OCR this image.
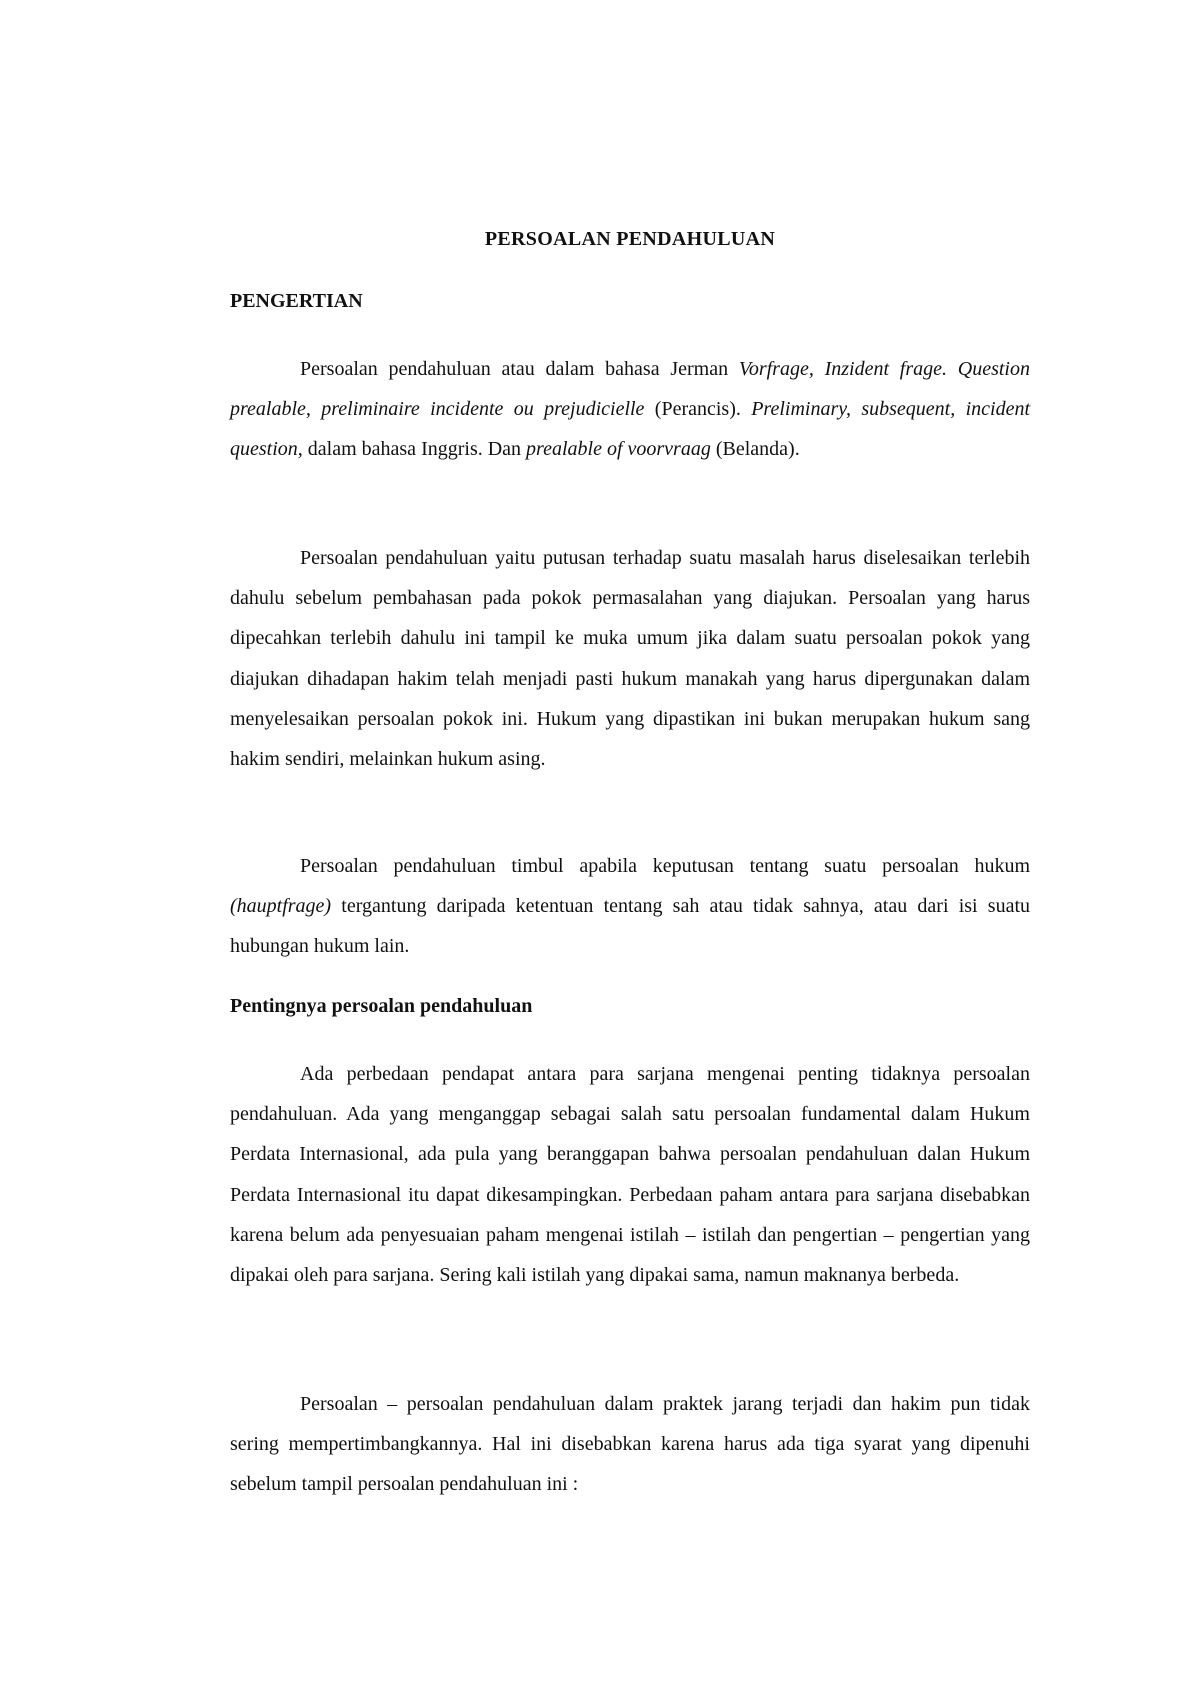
PERSOALAN PENDAHULUAN
PENGERTIAN

Persoalan pendahuluan atau dalam bahasa Jerman Vorfrage, Inzident frage. Question prealable, preliminaire incidente ou prejudicielle (Perancis). Preliminary, subsequent, incident question, dalam bahasa Inggris. Dan prealable of voorvraag (Belanda).

Persoalan pendahuluan yaitu putusan terhadap suatu masalah harus diselesaikan terlebih dahulu sebelum pembahasan pada pokok permasalahan yang diajukan. Persoalan yang harus dipecahkan terlebih dahulu ini tampil ke muka umum jika dalam suatu persoalan pokok yang diajukan dihadapan hakim telah menjadi pasti hukum manakah yang harus dipergunakan dalam menyelesaikan persoalan pokok ini. Hukum yang dipastikan ini bukan merupakan hukum sang hakim sendiri, melainkan hukum asing.

Persoalan pendahuluan timbul apabila keputusan tentang suatu persoalan hukum (hauptfrage) tergantung daripada ketentuan tentang sah atau tidak sahnya, atau dari isi suatu hubungan hukum lain.

Pentingnya persoalan pendahuluan

Ada perbedaan pendapat antara para sarjana mengenai penting tidaknya persoalan pendahuluan. Ada yang menganggap sebagai salah satu persoalan fundamental dalam Hukum Perdata Internasional, ada pula yang beranggapan bahwa persoalan pendahuluan dalan Hukum Perdata Internasional itu dapat dikesampingkan. Perbedaan paham antara para sarjana disebabkan karena belum ada penyesuaian paham mengenai istilah – istilah dan pengertian – pengertian yang dipakai oleh para sarjana. Sering kali istilah yang dipakai sama, namun maknanya berbeda.

Persoalan – persoalan pendahuluan dalam praktek jarang terjadi dan hakim pun tidak sering mempertimbangkannya. Hal ini disebabkan karena harus ada tiga syarat yang dipenuhi sebelum tampil persoalan pendahuluan ini :
